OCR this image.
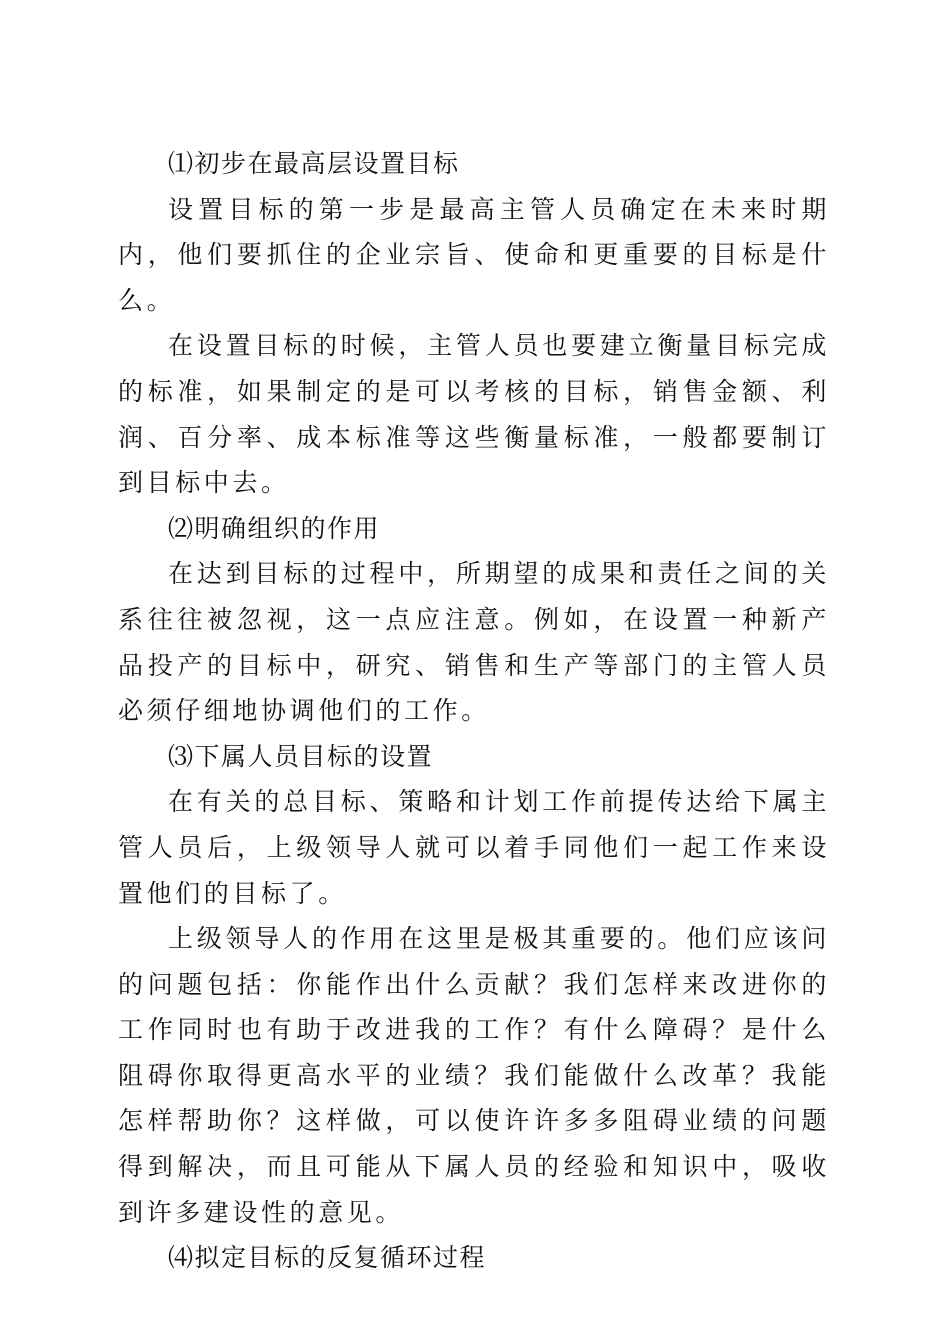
⑴初步在最高层设置目标

设置目标的第一步是最高主管人员确定在未来时期内，他们要抓住的企业宗旨、使命和更重要的目标是什么。

在设置目标的时候，主管人员也要建立衡量目标完成的标准，如果制定的是可以考核的目标，销售金额、利润、百分率、成本标准等这些衡量标准，一般都要制订到目标中去。

⑵明确组织的作用

在达到目标的过程中，所期望的成果和责任之间的关系往往被忽视，这一点应注意。例如，在设置一种新产品投产的目标中，研究、销售和生产等部门的主管人员必须仔细地协调他们的工作。

⑶下属人员目标的设置

在有关的总目标、策略和计划工作前提传达给下属主管人员后，上级领导人就可以着手同他们一起工作来设置他们的目标了。

上级领导人的作用在这里是极其重要的。他们应该问的问题包括：你能作出什么贡献？我们怎样来改进你的工作同时也有助于改进我的工作？有什么障碍？是什么阻碍你取得更高水平的业绩？我们能做什么改革？我能怎样帮助你？这样做，可以使许许多多阻碍业绩的问题得到解决，而且可能从下属人员的经验和知识中，吸收到许多建设性的意见。

⑷拟定目标的反复循环过程
